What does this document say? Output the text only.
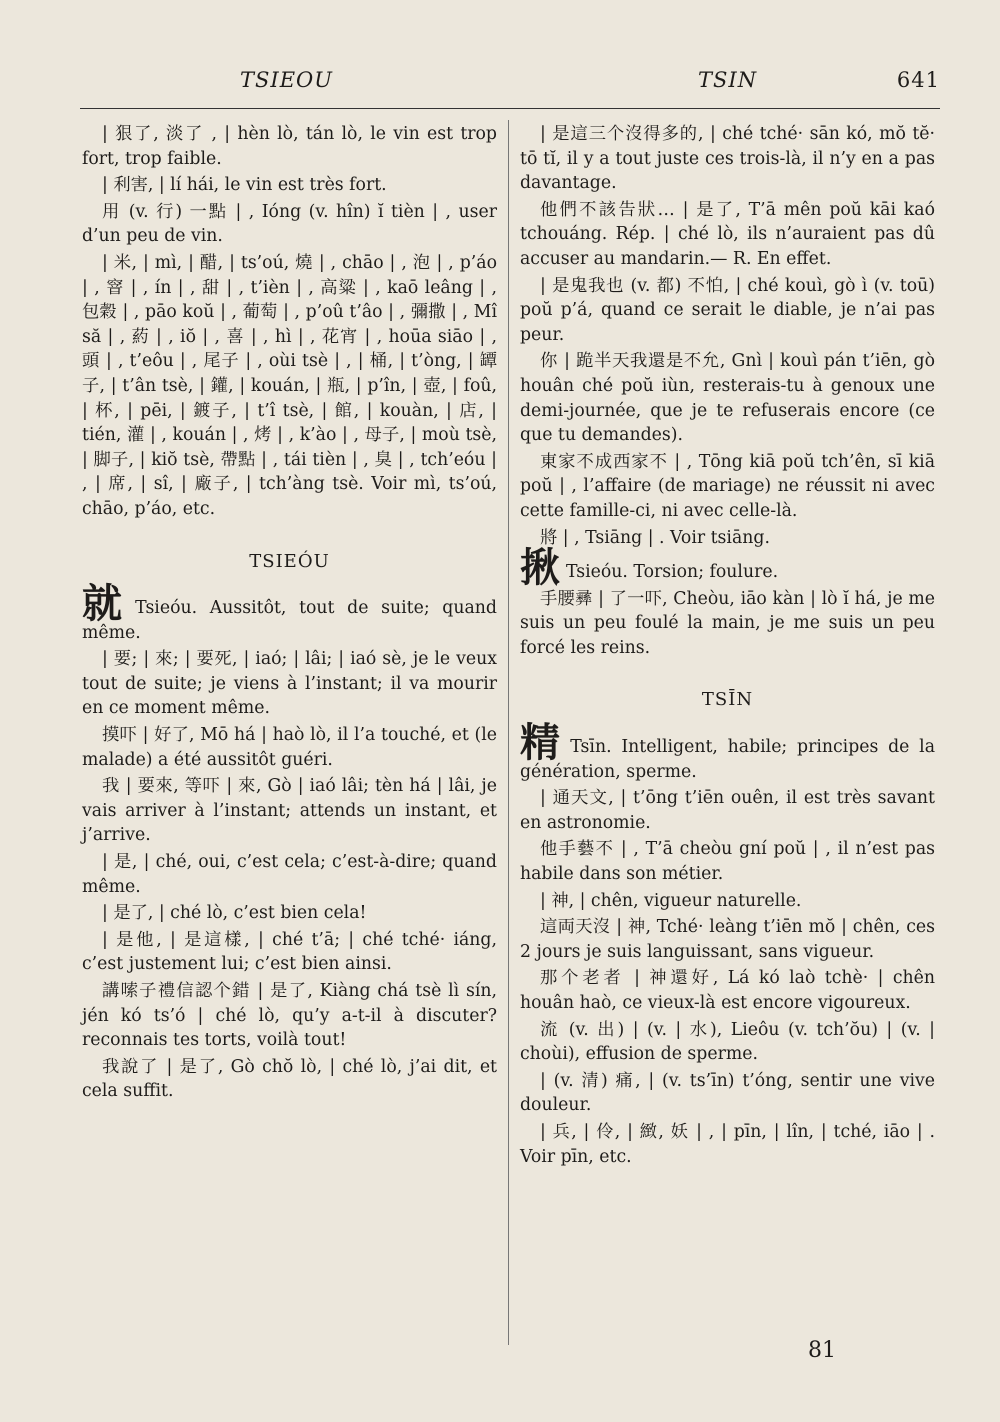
TSIEOU	TSIN	641

| 狠了, 淡了 , | hèn lò, tán lò, le vin est trop fort, trop faible.

| 利害, | lí hái, le vin est très fort.

用 (v. 行) 一點 | , Ióng (v. hîn) ĭ tièn | , user d’un peu de vin.

| 米, | mì, | 醋, | ts’oú, 燒 | , chāo | , 泡 | , p’áo | , 窨 | , ín | , 甜 | , t’ièn | , 高粱 | , kaō leâng | , 包穀 | , pāo koŭ | , 葡萄 | , p’oû t’âo | , 彌撒 | , Mî să | , 葯 | , iŏ | , 喜 | , hì | , 花宵 | , hoūa siāo | , 頭 | , t’eôu | , 尾子 | , oùi tsè | , | 桶, | t’òng, | 罈子, | t’ân tsè, | 鑵, | kouán, | 瓶, | p’în, | 壺, | foû, | 杯, | pēi, | 鍍子, | t’î tsè, | 館, | kouàn, | 店, | tién, 灌 | , kouán | , 烤 | , k’ào | , 母子, | moù tsè, | 脚子, | kiŏ tsè, 帶點 | , tái tièn | , 臭 | , tch’eóu | , | 席, | sî, | 廠子, | tch’àng tsè. Voir mì, ts’oú, chāo, p’áo, etc.

TSIEÓU

就 Tsieóu. Aussitôt, tout de suite; quand même.

| 要; | 來; | 要死, | iaó; | lâi; | iaó sè, je le veux tout de suite; je viens à l’instant; il va mourir en ce moment même.

摸吓 | 好了, Mō há | haò lò, il l’a touché, et (le malade) a été aussitôt guéri.

我 | 要來, 等吓 | 來, Gò | iaó lâi; tèn há | lâi, je vais arriver à l’instant; attends un instant, et j’arrive.

| 是, | ché, oui, c’est cela; c’est-à-dire; quand même.

| 是了, | ché lò, c’est bien cela!

| 是他, | 是這樣, | ché t’ā; | ché tché· iáng, c’est justement lui; c’est bien ainsi.

講嗦子禮信認个錯 | 是了, Kiàng chá tsè lì sín, jén kó ts’ó | ché lò, qu’y a-t-il à discuter? reconnais tes torts, voilà tout!

我說了 | 是了, Gò chŏ lò, | ché lò, j’ai dit, et cela suffit.

| 是這三个沒得多的, | ché tché· sān kó, mŏ tĕ· tō tĭ, il y a tout juste ces trois-là, il n’y en a pas davantage.

他們不該告狀… | 是了, T’ā mên poŭ kāi kaó tchouáng. Rép. | ché lò, ils n’auraient pas dû accuser au mandarin.— R. En effet.

| 是鬼我也 (v. 都) 不怕, | ché kouì, gò ì (v. toū) poŭ p’á, quand ce serait le diable, je n’ai pas peur.

你 | 跪半天我還是不允, Gnì | kouì pán t’iēn, gò houân ché poŭ iùn, resterais-tu à genoux une demi-journée, que je te refuserais encore (ce que tu demandes).

東家不成西家不 | , Tōng kiā poŭ tch’ên, sī kiā poŭ | , l’affaire (de mariage) ne réussit ni avec cette famille-ci, ni avec celle-là.

將 | , Tsiāng | . Voir tsiāng.

揪 Tsieóu. Torsion; foulure.

手腰彞 | 了一吓, Cheòu, iāo kàn | lò ĭ há, je me suis un peu foulé la main, je me suis un peu forcé les reins.

TSĪN

精 Tsīn. Intelligent, habile; principes de la génération, sperme.

| 通天文, | t’ōng t’iēn ouên, il est très savant en astronomie.

他手藝不 | , T’ā cheòu gní poŭ | , il n’est pas habile dans son métier.

| 神, | chên, vigueur naturelle.

這両天沒 | 神, Tché· leàng t’iēn mŏ | chên, ces 2 jours je suis languissant, sans vigueur.

那个老者 | 神還好, Lá kó laò tchè· | chên houân haò, ce vieux-là est encore vigoureux.

流 (v. 出) | (v. | 水), Lieôu (v. tch’ŏu) | (v. | choùi), effusion de sperme.

| (v. 清) 痛, | (v. ts’īn) t’óng, sentir une vive douleur.

| 兵, | 伶, | 緻, 妖 | , | pīn, | lîn, | tché, iāo | . Voir pīn, etc.

81
